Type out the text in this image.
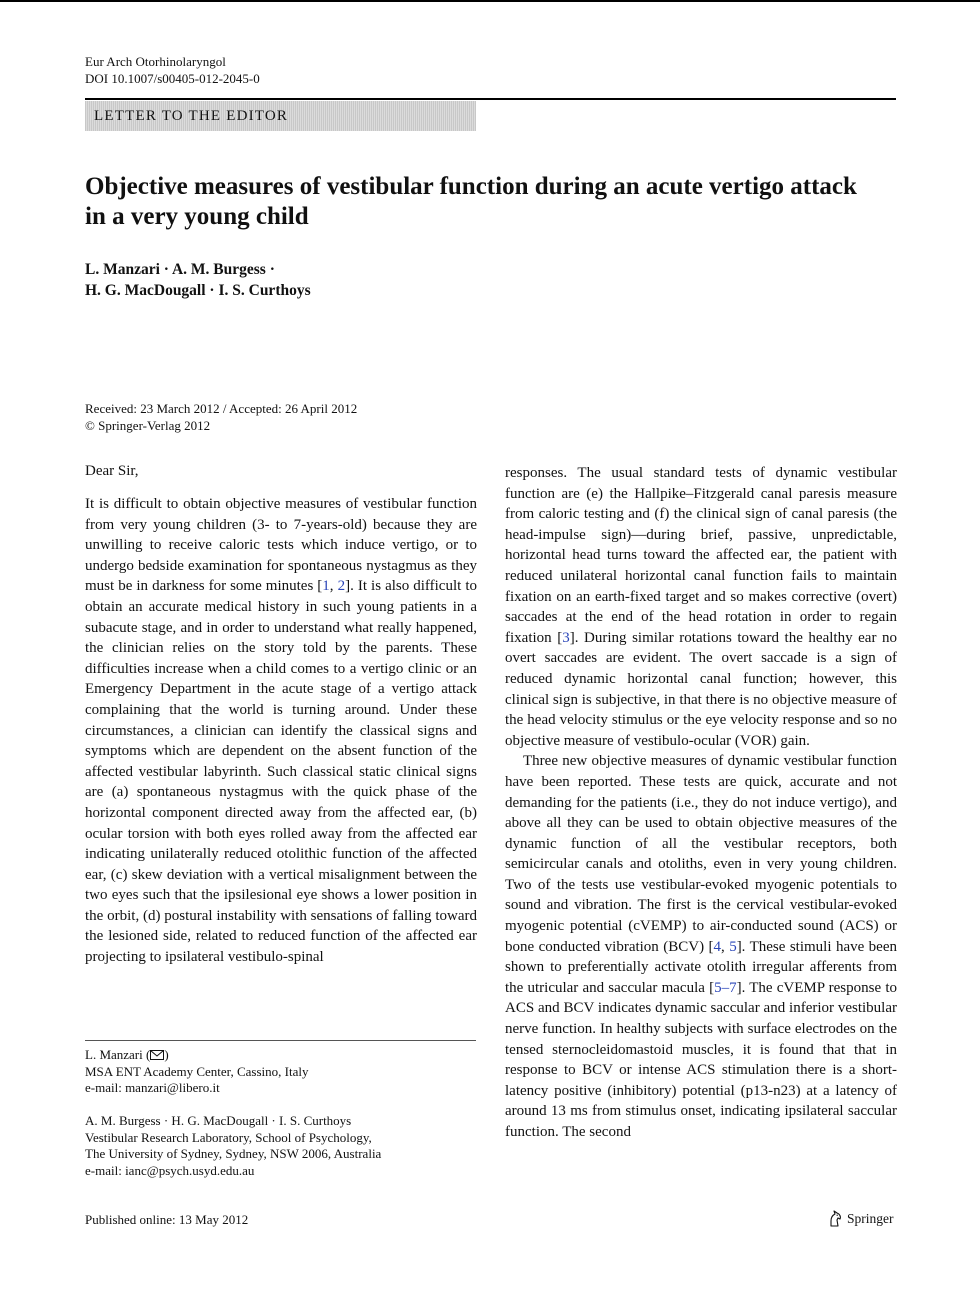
Eur Arch Otorhinolaryngol
DOI 10.1007/s00405-012-2045-0
LETTER TO THE EDITOR
Objective measures of vestibular function during an acute vertigo attack in a very young child
L. Manzari · A. M. Burgess ·
H. G. MacDougall · I. S. Curthoys
Received: 23 March 2012 / Accepted: 26 April 2012
© Springer-Verlag 2012
Dear Sir,

It is difficult to obtain objective measures of vestibular function from very young children (3- to 7-years-old) because they are unwilling to receive caloric tests which induce vertigo, or to undergo bedside examination for spontaneous nystagmus as they must be in darkness for some minutes [1, 2]. It is also difficult to obtain an accurate medical history in such young patients in a subacute stage, and in order to understand what really happened, the clinician relies on the story told by the parents. These difficulties increase when a child comes to a vertigo clinic or an Emergency Department in the acute stage of a vertigo attack complaining that the world is turning around. Under these circumstances, a clinician can identify the classical signs and symptoms which are dependent on the absent function of the affected vestibular labyrinth. Such classical static clinical signs are (a) spontaneous nystagmus with the quick phase of the horizontal component directed away from the affected ear, (b) ocular torsion with both eyes rolled away from the affected ear indicating unilaterally reduced otolithic function of the affected ear, (c) skew deviation with a vertical misalignment between the two eyes such that the ipsilesional eye shows a lower position in the orbit, (d) postural instability with sensations of falling toward the lesioned side, related to reduced function of the affected ear projecting to ipsilateral vestibulo-spinal

responses. The usual standard tests of dynamic vestibular function are (e) the Hallpike–Fitzgerald canal paresis measure from caloric testing and (f) the clinical sign of canal paresis (the head-impulse sign)—during brief, passive, unpredictable, horizontal head turns toward the affected ear, the patient with reduced unilateral horizontal canal function fails to maintain fixation on an earth-fixed target and so makes corrective (overt) saccades at the end of the head rotation in order to regain fixation [3]. During similar rotations toward the healthy ear no overt saccades are evident. The overt saccade is a sign of reduced dynamic horizontal canal function; however, this clinical sign is subjective, in that there is no objective measure of the head velocity stimulus or the eye velocity response and so no objective measure of vestibulo-ocular (VOR) gain.

Three new objective measures of dynamic vestibular function have been reported. These tests are quick, accurate and not demanding for the patients (i.e., they do not induce vertigo), and above all they can be used to obtain objective measures of the dynamic function of all the vestibular receptors, both semicircular canals and otoliths, even in very young children. Two of the tests use vestibular-evoked myogenic potentials to sound and vibration. The first is the cervical vestibular-evoked myogenic potential (cVEMP) to air-conducted sound (ACS) or bone conducted vibration (BCV) [4, 5]. These stimuli have been shown to preferentially activate otolith irregular afferents from the utricular and saccular macula [5–7]. The cVEMP response to ACS and BCV indicates dynamic saccular and inferior vestibular nerve function. In healthy subjects with surface electrodes on the tensed sternocleidomastoid muscles, it is found that that in response to BCV or intense ACS stimulation there is a short-latency positive (inhibitory) potential (p13-n23) at a latency of around 13 ms from stimulus onset, indicating ipsilateral saccular function. The second

L. Manzari ( )
MSA ENT Academy Center, Cassino, Italy
e-mail: manzari@libero.it
A. M. Burgess · H. G. MacDougall · I. S. Curthoys
Vestibular Research Laboratory, School of Psychology,
The University of Sydney, Sydney, NSW 2006, Australia
e-mail: ianc@psych.usyd.edu.au
Published online: 13 May 2012	Springer
